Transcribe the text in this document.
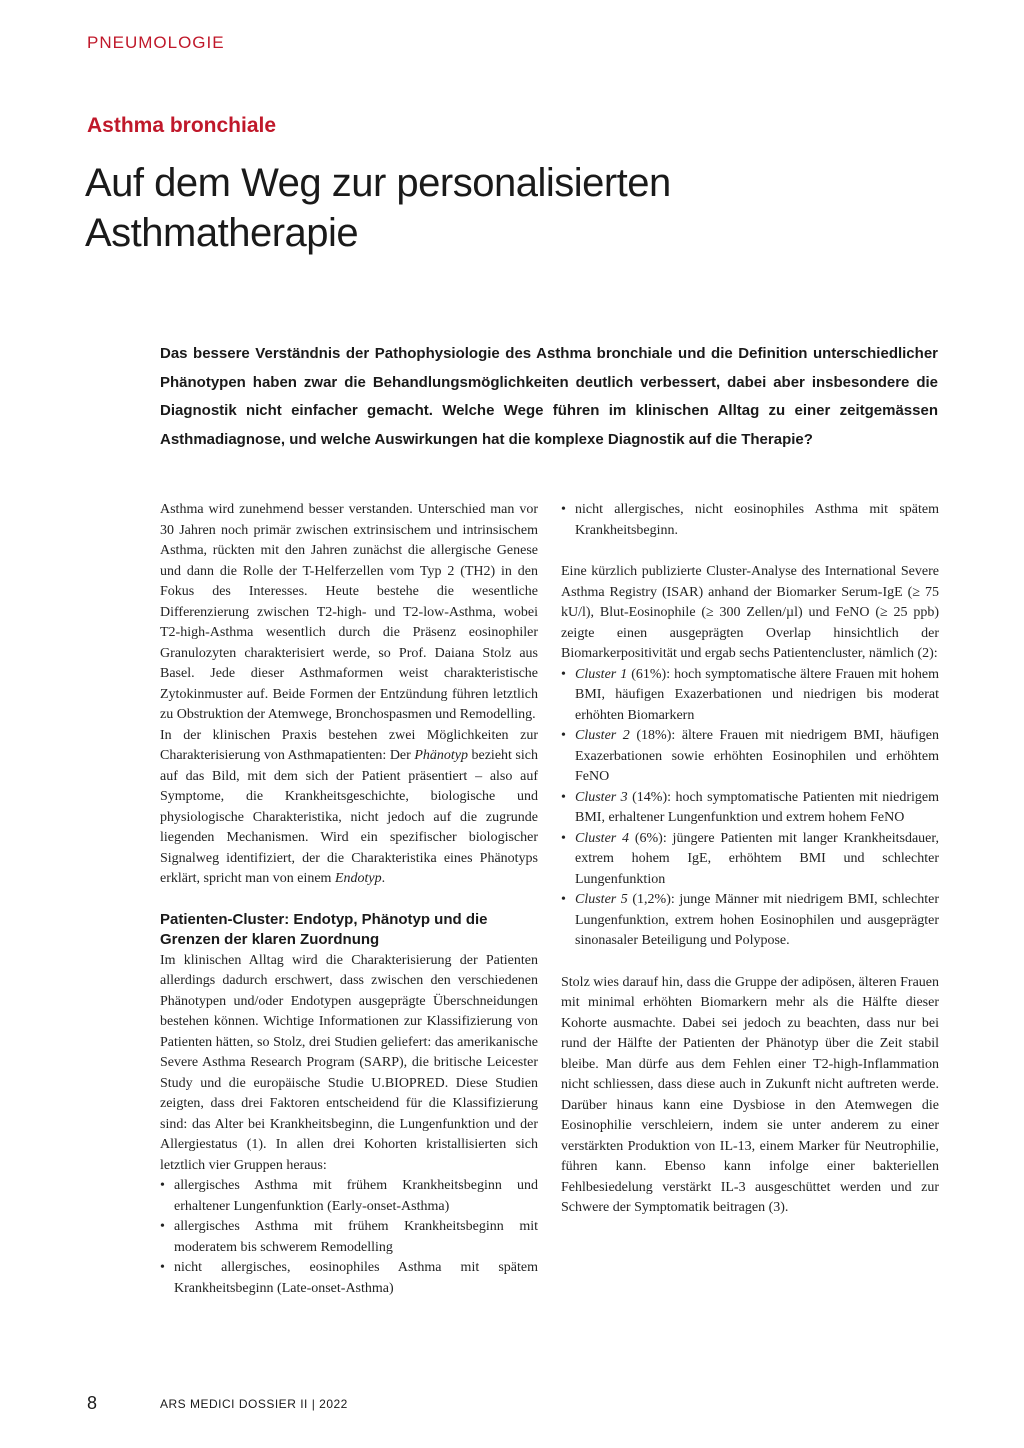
PNEUMOLOGIE
Asthma bronchiale
Auf dem Weg zur personalisierten Asthmatherapie

Das bessere Verständnis der Pathophysiologie des Asthma bronchiale und die Definition unterschiedlicher Phänotypen haben zwar die Behandlungsmöglichkeiten deutlich verbessert, dabei aber insbesondere die Diagnostik nicht einfacher gemacht. Welche Wege führen im klinischen Alltag zu einer zeitgemässen Asthmadiagnose, und welche Auswirkungen hat die komplexe Diagnostik auf die Therapie?

Asthma wird zunehmend besser verstanden. Unterschied man vor 30 Jahren noch primär zwischen extrinsischem und intrinsischem Asthma, rückten mit den Jahren zunächst die allergische Genese und dann die Rolle der T-Helferzellen vom Typ 2 (TH2) in den Fokus des Interesses. Heute bestehe die wesentliche Differenzierung zwischen T2-high- und T2-low-Asthma, wobei T2-high-Asthma wesentlich durch die Präsenz eosinophiler Granulozyten charakterisiert werde, so Prof. Daiana Stolz aus Basel. Jede dieser Asthmaformen weist charakteristische Zytokinmuster auf. Beide Formen der Entzündung führen letztlich zu Obstruktion der Atemwege, Bronchospasmen und Remodelling.

In der klinischen Praxis bestehen zwei Möglichkeiten zur Charakterisierung von Asthmapatienten: Der Phänotyp bezieht sich auf das Bild, mit dem sich der Patient präsentiert – also auf Symptome, die Krankheitsgeschichte, biologische und physiologische Charakteristika, nicht jedoch auf die zugrunde liegenden Mechanismen. Wird ein spezifischer biologischer Signalweg identifiziert, der die Charakteristika eines Phänotyps erklärt, spricht man von einem Endotyp.

Patienten-Cluster: Endotyp, Phänotyp und die Grenzen der klaren Zuordnung

Im klinischen Alltag wird die Charakterisierung der Patienten allerdings dadurch erschwert, dass zwischen den verschiedenen Phänotypen und/oder Endotypen ausgeprägte Überschneidungen bestehen können. Wichtige Informationen zur Klassifizierung von Patienten hätten, so Stolz, drei Studien geliefert: das amerikanische Severe Asthma Research Program (SARP), die britische Leicester Study und die europäische Studie U.BIOPRED. Diese Studien zeigten, dass drei Faktoren entscheidend für die Klassifizierung sind: das Alter bei Krankheitsbeginn, die Lungenfunktion und der Allergiestatus (1). In allen drei Kohorten kristallisierten sich letztlich vier Gruppen heraus:

• allergisches Asthma mit frühem Krankheitsbeginn und erhaltener Lungenfunktion (Early-onset-Asthma)
• allergisches Asthma mit frühem Krankheitsbeginn mit moderatem bis schwerem Remodelling
• nicht allergisches, eosinophiles Asthma mit spätem Krankheitsbeginn (Late-onset-Asthma)
• nicht allergisches, nicht eosinophiles Asthma mit spätem Krankheitsbeginn.

Eine kürzlich publizierte Cluster-Analyse des International Severe Asthma Registry (ISAR) anhand der Biomarker Serum-IgE (≥ 75 kU/l), Blut-Eosinophile (≥ 300 Zellen/µl) und FeNO (≥ 25 ppb) zeigte einen ausgeprägten Overlap hinsichtlich der Biomarkerpositivität und ergab sechs Patientencluster, nämlich (2):

• Cluster 1 (61%): hoch symptomatische ältere Frauen mit hohem BMI, häufigen Exazerbationen und niedrigen bis moderat erhöhten Biomarkern
• Cluster 2 (18%): ältere Frauen mit niedrigem BMI, häufigen Exazerbationen sowie erhöhten Eosinophilen und erhöhtem FeNO
• Cluster 3 (14%): hoch symptomatische Patienten mit niedrigem BMI, erhaltener Lungenfunktion und extrem hohem FeNO
• Cluster 4 (6%): jüngere Patienten mit langer Krankheitsdauer, extrem hohem IgE, erhöhtem BMI und schlechter Lungenfunktion
• Cluster 5 (1,2%): junge Männer mit niedrigem BMI, schlechter Lungenfunktion, extrem hohen Eosinophilen und ausgeprägter sinonasaler Beteiligung und Polypose.

Stolz wies darauf hin, dass die Gruppe der adipösen, älteren Frauen mit minimal erhöhten Biomarkern mehr als die Hälfte dieser Kohorte ausmachte. Dabei sei jedoch zu beachten, dass nur bei rund der Hälfte der Patienten der Phänotyp über die Zeit stabil bleibe. Man dürfe aus dem Fehlen einer T2-high-Inflammation nicht schliessen, dass diese auch in Zukunft nicht auftreten werde. Darüber hinaus kann eine Dysbiose in den Atemwegen die Eosinophilie verschleiern, indem sie unter anderem zu einer verstärkten Produktion von IL-13, einem Marker für Neutrophilie, führen kann. Ebenso kann infolge einer bakteriellen Fehlbesiedelung verstärkt IL-3 ausgeschüttet werden und zur Schwere der Symptomatik beitragen (3).

8	ARS MEDICI DOSSIER II | 2022
